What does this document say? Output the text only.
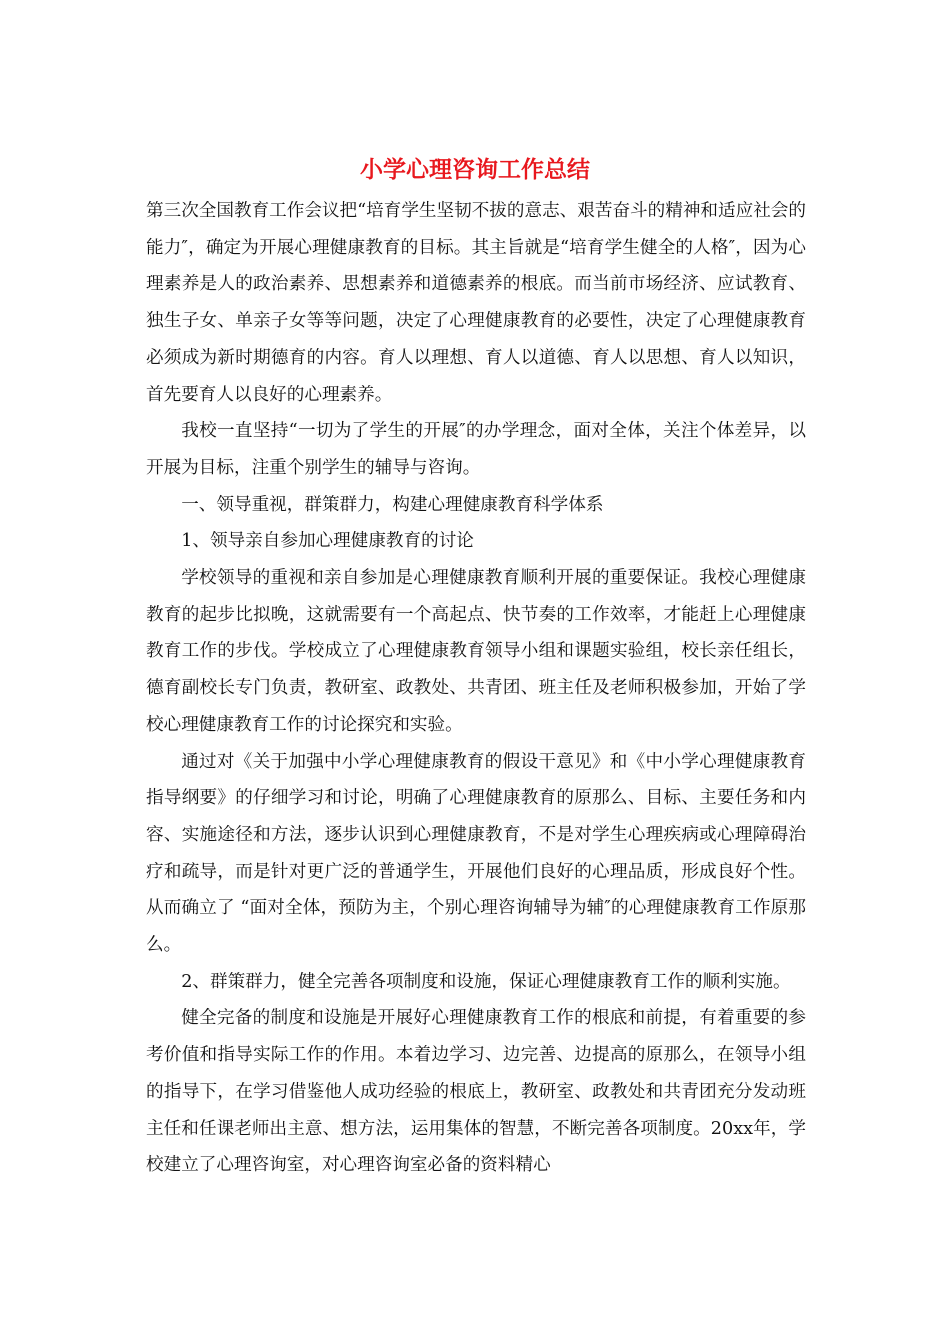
小学心理咨询工作总结

第三次全国教育工作会议把“培育学生坚韧不拔的意志、艰苦奋斗的精神和适应社会的能力″，确定为开展心理健康教育的目标。其主旨就是“培育学生健全的人格″，因为心理素养是人的政治素养、思想素养和道德素养的根底。而当前市场经济、应试教育、独生子女、单亲子女等等问题，决定了心理健康教育的必要性，决定了心理健康教育必须成为新时期德育的内容。育人以理想、育人以道德、育人以思想、育人以知识，首先要育人以良好的心理素养。

我校一直坚持“一切为了学生的开展″的办学理念，面对全体，关注个体差异，以开展为目标，注重个别学生的辅导与咨询。

一、领导重视，群策群力，构建心理健康教育科学体系

1、领导亲自参加心理健康教育的讨论

学校领导的重视和亲自参加是心理健康教育顺利开展的重要保证。我校心理健康教育的起步比拟晚，这就需要有一个高起点、快节奏的工作效率，才能赶上心理健康教育工作的步伐。学校成立了心理健康教育领导小组和课题实验组，校长亲任组长，德育副校长专门负责，教研室、政教处、共青团、班主任及老师积极参加，开始了学校心理健康教育工作的讨论探究和实验。

通过对《关于加强中小学心理健康教育的假设干意见》和《中小学心理健康教育指导纲要》的仔细学习和讨论，明确了心理健康教育的原那么、目标、主要任务和内容、实施途径和方法，逐步认识到心理健康教育，不是对学生心理疾病或心理障碍治疗和疏导，而是针对更广泛的普通学生，开展他们良好的心理品质，形成良好个性。从而确立了 “面对全体，预防为主，个别心理咨询辅导为辅″的心理健康教育工作原那么。

2、群策群力，健全完善各项制度和设施，保证心理健康教育工作的顺利实施。

健全完备的制度和设施是开展好心理健康教育工作的根底和前提，有着重要的参考价值和指导实际工作的作用。本着边学习、边完善、边提高的原那么，在领导小组的指导下，在学习借鉴他人成功经验的根底上，教研室、政教处和共青团充分发动班主任和任课老师出主意、想方法，运用集体的智慧，不断完善各项制度。20xx年，学校建立了心理咨询室，对心理咨询室必备的资料精心
